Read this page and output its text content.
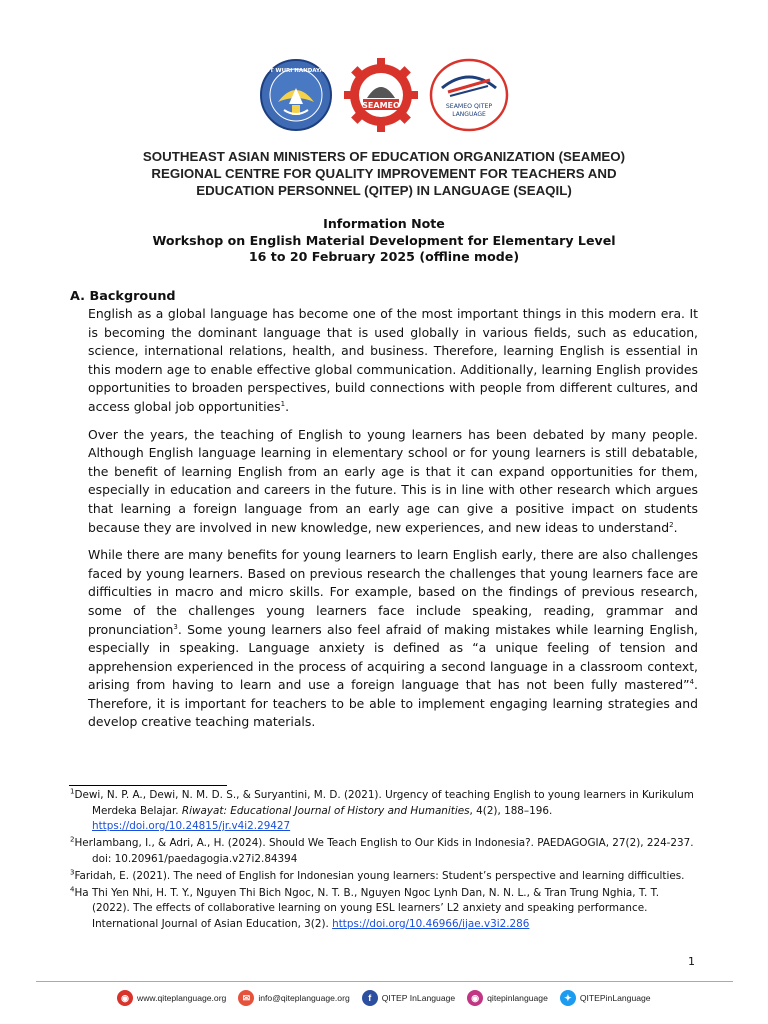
TUT WURI HANDAYANI
SEAMEO	SEAMEO QITEP
LANGUAGE
SOUTHEAST ASIAN MINISTERS OF EDUCATION ORGANIZATION (SEAMEO)
REGIONAL CENTRE FOR QUALITY IMPROVEMENT FOR TEACHERS AND
EDUCATION PERSONNEL (QITEP) IN LANGUAGE (SEAQIL)
Information Note
Workshop on English Material Development for Elementary Level
16 to 20 February 2025 (offline mode)
A. Background

English as a global language has become one of the most important things in this modern era. It is becoming the dominant language that is used globally in various fields, such as education, science, international relations, health, and business. Therefore, learning English is essential in this modern age to enable effective global communication. Additionally, learning English provides opportunities to broaden perspectives, build connections with people from different cultures, and access global job opportunities$^1$.

Over the years, the teaching of English to young learners has been debated by many people. Although English language learning in elementary school or for young learners is still debatable, the benefit of learning English from an early age is that it can expand opportunities for them, especially in education and careers in the future. This is in line with other research which argues that learning a foreign language from an early age can give a positive impact on students because they are involved in new knowledge, new experiences, and new ideas to understand$^2$.

While there are many benefits for young learners to learn English early, there are also challenges faced by young learners. Based on previous research the challenges that young learners face are difficulties in macro and micro skills. For example, based on the findings of previous research, some of the challenges young learners face include speaking, reading, grammar and pronunciation$^3$. Some young learners also feel afraid of making mistakes while learning English, especially in speaking. Language anxiety is defined as “a unique feeling of tension and apprehension experienced in the process of acquiring a second language in a classroom context, arising from having to learn and use a foreign language that has not been fully mastered”$^4$. Therefore, it is important for teachers to be able to implement engaging learning strategies and develop creative teaching materials.

$^1$Dewi, N. P. A., Dewi, N. M. D. S., & Suryantini, M. D. (2021). Urgency of teaching English to young learners in Kurikulum Merdeka Belajar. Riwayat: Educational Journal of History and Humanities, 4(2), 188–196. https://doi.org/10.24815/jr.v4i2.29427
$^2$Herlambang, I., & Adri, A., H. (2024). Should We Teach English to Our Kids in Indonesia?. PAEDAGOGIA, 27(2), 224-237. doi: 10.20961/paedagogia.v27i2.84394
$^3$Faridah, E. (2021). The need of English for Indonesian young learners: Student’s perspective and learning difficulties.
$^4$Ha Thi Yen Nhi, H. T. Y., Nguyen Thi Bich Ngoc, N. T. B., Nguyen Ngoc Lynh Dan, N. N. L., & Tran Trung Nghia, T. T. (2022). The effects of collaborative learning on young ESL learners’ L2 anxiety and speaking performance. International Journal of Asian Education, 3(2). https://doi.org/10.46966/ijae.v3i2.286
1
◉ www.qiteplanguage.org	✉ info@qiteplanguage.org	f	QITEP InLanguage	◉ qitepinlanguage	✦ QITEPinLanguage
